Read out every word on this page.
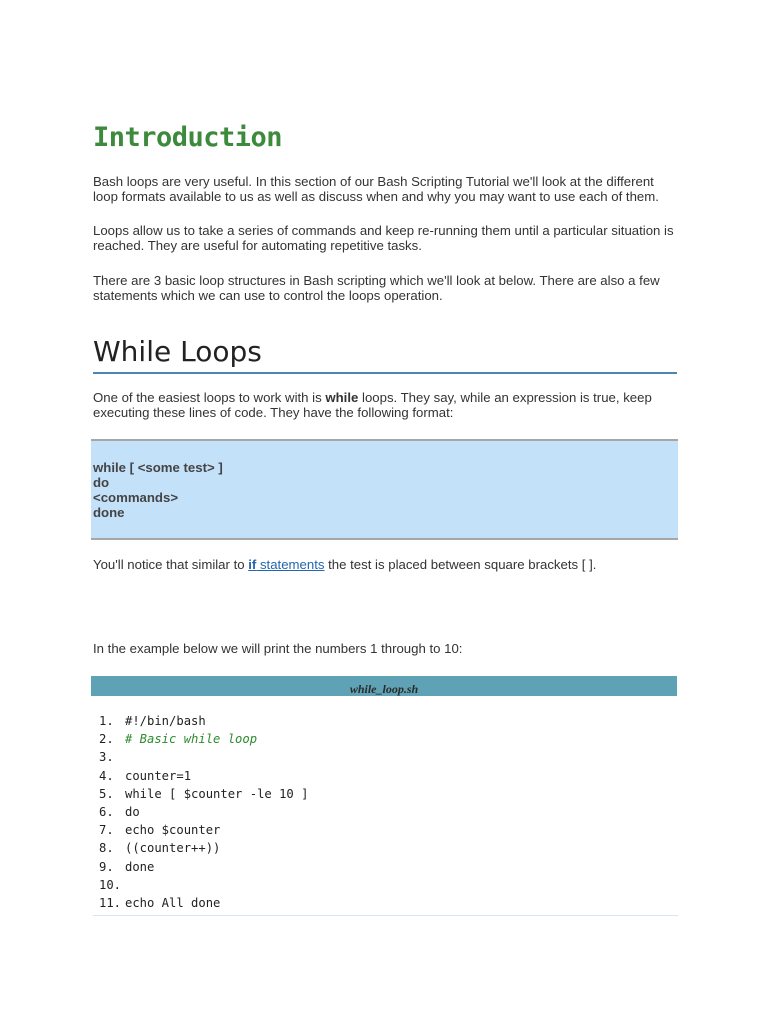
Introduction

Bash loops are very useful. In this section of our Bash Scripting Tutorial we'll look at the different loop formats available to us as well as discuss when and why you may want to use each of them.

Loops allow us to take a series of commands and keep re-running them until a particular situation is reached. They are useful for automating repetitive tasks.

There are 3 basic loop structures in Bash scripting which we'll look at below. There are also a few statements which we can use to control the loops operation.

While Loops

One of the easiest loops to work with is while loops. They say, while an expression is true, keep executing these lines of code. They have the following format:

while [ <some test> ]
do
<commands>
done

You'll notice that similar to if statements the test is placed between square brackets [ ].

In the example below we will print the numbers 1 through to 10:

while_loop.sh
1. #!/bin/bash
2. # Basic while loop
3.
4. counter=1
5. while [ $counter -le 10 ]
6. do
7. echo $counter
8. ((counter++))
9. done
10.
11. echo All done
